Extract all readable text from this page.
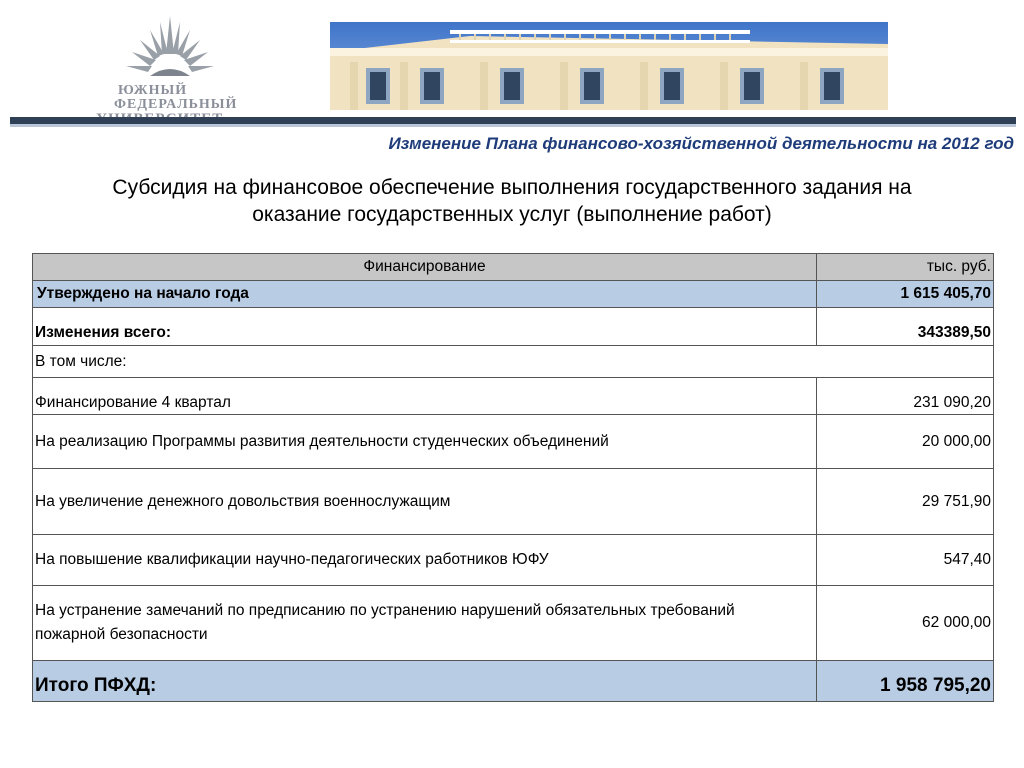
ЮЖНЫЙ
ФЕДЕРАЛЬНЫЙ
Изменение Плана финансово-хозяйственной деятельности на 2012 год
Субсидия на финансовое обеспечение выполнения государственного задания на
оказание государственных услуг (выполнение работ)
Финансирование	тыс. руб.
Утверждено на начало года	1 615 405,70
Изменения всего:	343389,50
В том числе:	
Финансирование 4 квартал	231 090,20
На реализацию Программы развития деятельности студенческих объединений	20 000,00
На увеличение денежного довольствия военнослужащим	29 751,90
На повышение квалификации научно-педагогических работников ЮФУ	547,40
На устранение замечаний по предписанию по устранению нарушений обязательных требований пожарной безопасности	62 000,00
Итого ПФХД:	1 958 795,20
